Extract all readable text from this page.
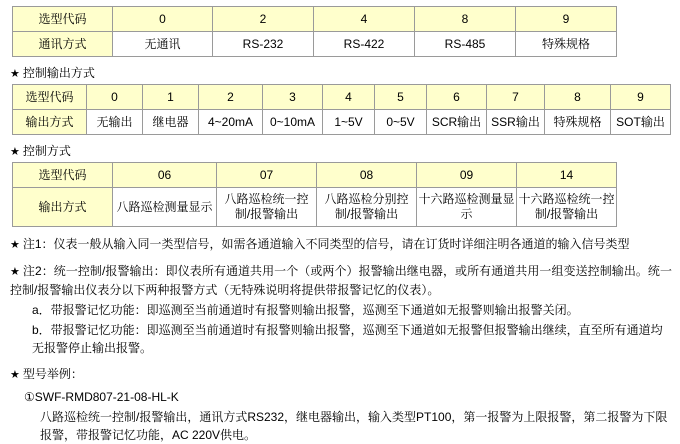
选型代码	0	2	4	8	9
通讯方式	无通讯	RS-232	RS-422	RS-485	特殊规格
★ 控制输出方式
选型代码	0	1	2	3	4	5	6	7	8	9
输出方式	无输出	继电器	4~20mA	0~10mA	1~5V	0~5V	SCR输出	SSR输出	特殊规格	SOT输出
★ 控制方式
选型代码	06	07	08	09	14
输出方式	八路巡检测量显示	八路巡检统一控制/报警输出	八路巡检分别控制/报警输出	十六路巡检测量显示	十六路巡检统一控制/报警输出
★ 注1：仪表一般从输入同一类型信号，如需各通道输入不同类型的信号，请在订货时详细注明各通道的输入信号类型
★ 注2：统一控制/报警输出：即仪表所有通道共用一个（或两个）报警输出继电器，或所有通道共用一组变送控制输出。统一控制/报警输出仪表分以下两种报警方式（无特殊说明将提供带报警记忆的仪表）。
a．带报警记忆功能：即巡测至当前通道时有报警则输出报警，巡测至下通道如无报警则输出报警关闭。
b．带报警记忆功能：即巡测至当前通道时有报警则输出报警，巡测至下通道如无报警但报警输出继续，直至所有通道均无报警停止输出报警。
★ 型号举例：
①SWF-RMD807-21-08-HL-K
八路巡检统一控制/报警输出，通讯方式RS232，继电器输出，输入类型PT100，第一报警为上限报警，第二报警为下限报警，带报警记忆功能，AC 220V供电。
